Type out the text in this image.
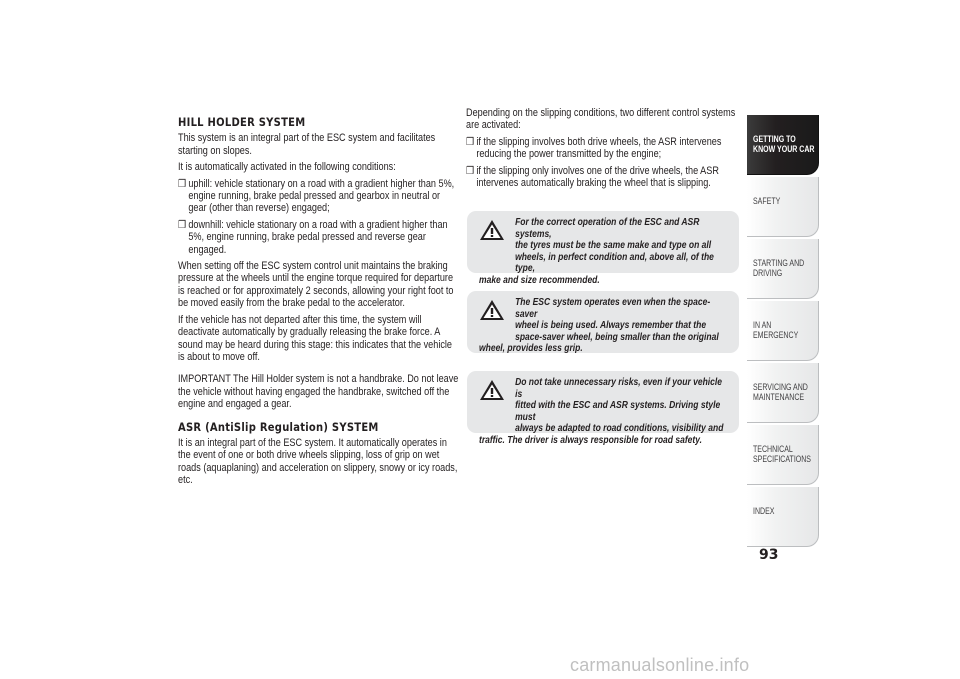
HILL HOLDER SYSTEM

This system is an integral part of the ESC system and facilitates starting on slopes.

It is automatically activated in the following conditions:

❒ uphill: vehicle stationary on a road with a gradient higher than 5%, engine running, brake pedal pressed and gearbox in neutral or gear (other than reverse) engaged;
❒ downhill: vehicle stationary on a road with a gradient higher than 5%, engine running, brake pedal pressed and reverse gear engaged.

When setting off the ESC system control unit maintains the braking pressure at the wheels until the engine torque required for departure is reached or for approximately 2 seconds, allowing your right foot to be moved easily from the brake pedal to the accelerator.

If the vehicle has not departed after this time, the system will deactivate automatically by gradually releasing the brake force. A sound may be heard during this stage: this indicates that the vehicle is about to move off.

IMPORTANT The Hill Holder system is not a handbrake. Do not leave the vehicle without having engaged the handbrake, switched off the engine and engaged a gear.

ASR (AntiSlip Regulation) SYSTEM

It is an integral part of the ESC system. It automatically operates in the event of one or both drive wheels slipping, loss of grip on wet roads (aquaplaning) and acceleration on slippery, snowy or icy roads, etc.

Depending on the slipping conditions, two different control systems are activated:

❒ if the slipping involves both drive wheels, the ASR intervenes reducing the power transmitted by the engine;
❒ if the slipping only involves one of the drive wheels, the ASR intervenes automatically braking the wheel that is slipping.
For the correct operation of the ESC and ASR systems,
the tyres must be the same make and type on all
wheels, in perfect condition and, above all, of the type,
make and size recommended.
The ESC system operates even when the space-saver
wheel is being used. Always remember that the
space-saver wheel, being smaller than the original
wheel, provides less grip.
Do not take unnecessary risks, even if your vehicle is
fitted with the ESC and ASR systems. Driving style must
always be adapted to road conditions, visibility and
traffic. The driver is always responsible for road safety.
GETTING TO
KNOW YOUR CAR
SAFETY
STARTING AND
DRIVING
IN AN EMERGENCY
SERVICING AND
MAINTENANCE
TECHNICAL
SPECIFICATIONS
INDEX
93
carmanualsonline.info
